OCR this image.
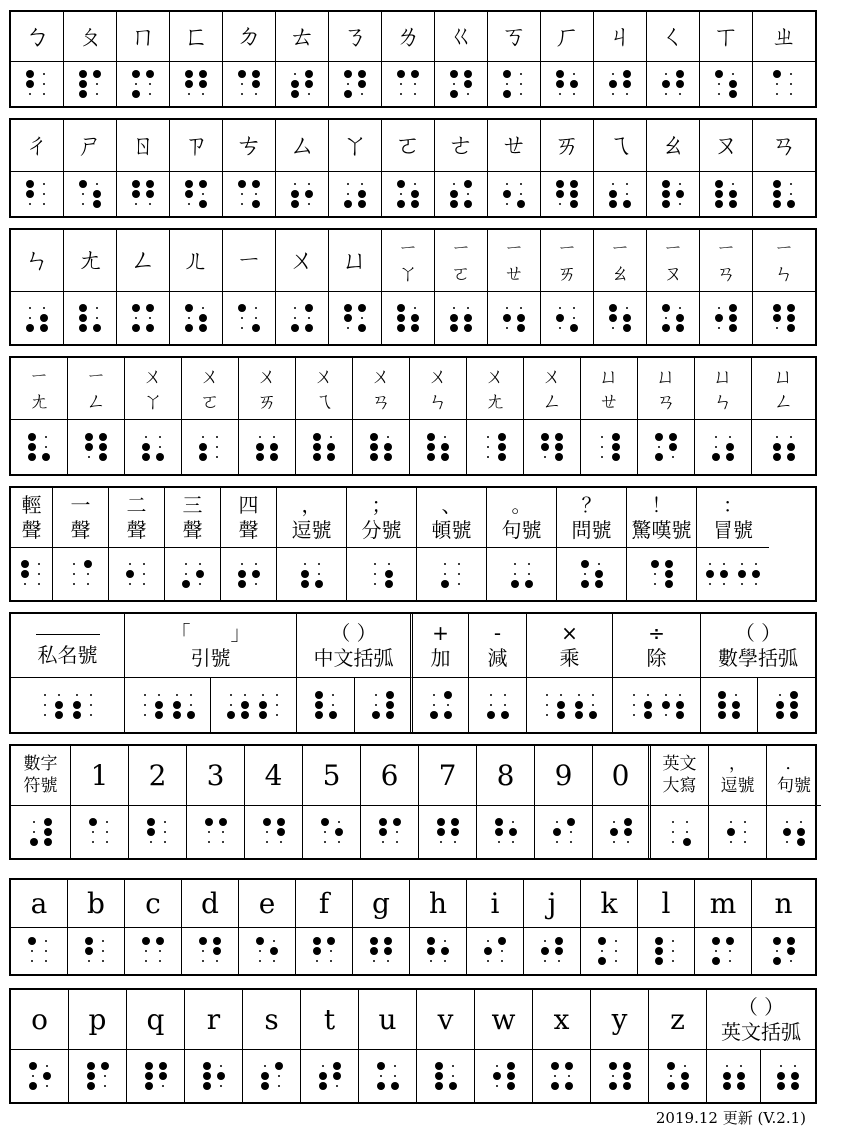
ㄅ ㄆ ㄇ ㄈ ㄉ ㄊ ㄋ ㄌ ㄍ ㄎ ㄏ ㄐ ㄑ ㄒ ㄓ
ㄔ ㄕ ㄖ ㄗ ㄘ ㄙ ㄚ ㄛ ㄜ ㄝ ㄞ ㄟ ㄠ ㄡ ㄢ
ㄣ ㄤ ㄥ ㄦ ㄧ ㄨ ㄩ ㄧ
ㄚ
ㄧ
ㄛ
ㄧ
ㄝ
ㄧ
ㄞ
ㄧ
ㄠ
ㄧ
ㄡ
ㄧ
ㄢ
ㄧ
ㄣ
ㄧ
ㄤ
ㄧ
ㄥ
ㄨ
ㄚ
ㄨ
ㄛ
ㄨ
ㄞ
ㄨ
ㄟ
ㄨ
ㄢ
ㄨ
ㄣ
ㄨ
ㄤ
ㄨ
ㄥ
ㄩ
ㄝ
ㄩ
ㄢ
ㄩ
ㄣ
ㄩ
ㄥ
輕
聲
一
聲
二
聲
三
聲
四
聲
，
逗號
；
分號
、
頓號
。
句號
？
問號
！
驚嘆號
：
冒號
私名號
「　　」
引號
（ ）
中文括弧
+
加
-
減
×
乘
÷
除
（ ）
數學括弧
數字
符號 1 2 3 4 5 6 7 8 9 0 英文
大寫
，
逗號
．
句號
a b c d e f g h i j k l m n
o p q r s t u v w x y z	（ ）
英文括弧
2019.12 更新 (V.2.1)
